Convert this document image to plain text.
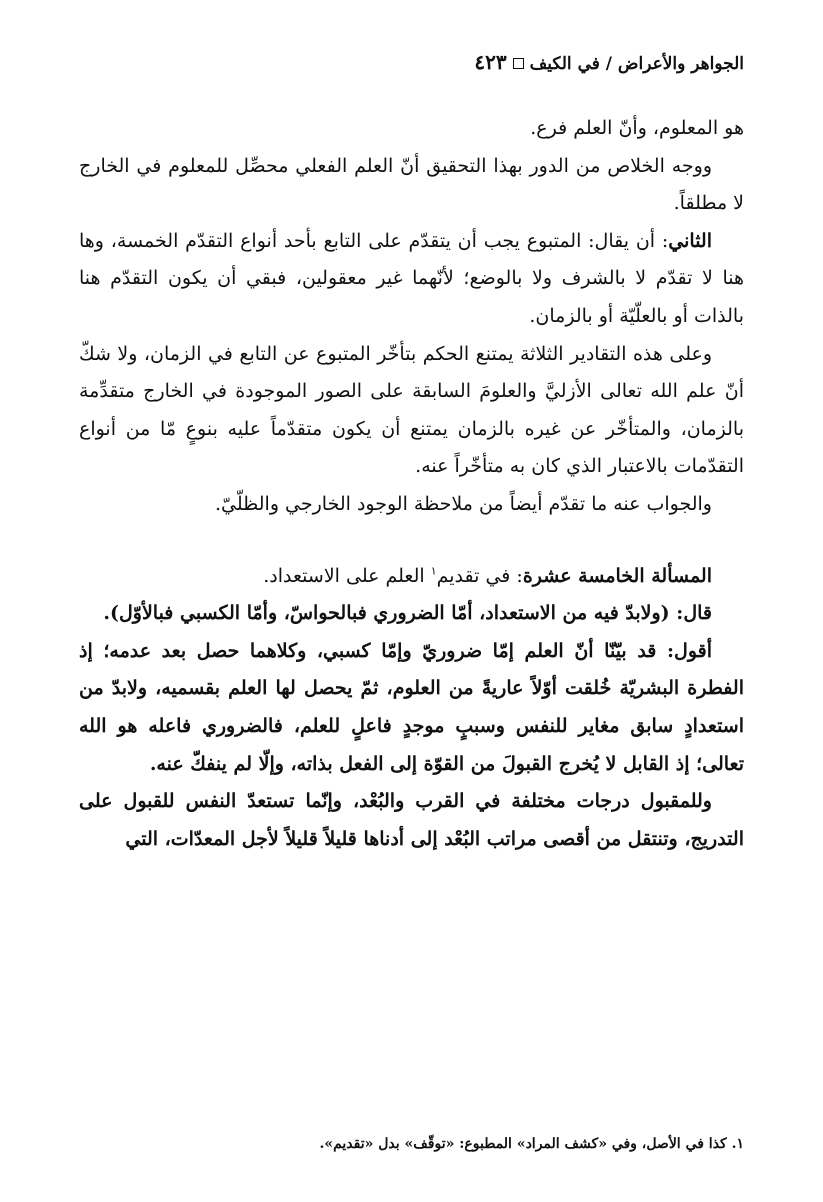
الجواهر والأعراض / في الكيف٤٢٣

هو المعلوم، وأنّ العلم فرع.

ووجه الخلاص من الدور بهذا التحقيق أنّ العلم الفعلي محصِّل للمعلوم في الخارج لا مطلقاً.

الثاني: أن يقال: المتبوع يجب أن يتقدّم على التابع بأحد أنواع التقدّم الخمسة، وها هنا لا تقدّم لا بالشرف ولا بالوضع؛ لأنّهما غير معقولين، فبقي أن يكون التقدّم هنا بالذات أو بالعلّيّة أو بالزمان.

وعلى هذه التقادير الثلاثة يمتنع الحكم بتأخّر المتبوع عن التابع في الزمان، ولا شكّ أنّ علم الله تعالى الأزليَّ والعلومَ السابقة على الصور الموجودة في الخارج متقدِّمة بالزمان، والمتأخّر عن غيره بالزمان يمتنع أن يكون متقدّماً عليه بنوعٍ مّا من أنواع التقدّمات بالاعتبار الذي كان به متأخّراً عنه.

والجواب عنه ما تقدّم أيضاً من ملاحظة الوجود الخارجي والظلّيّ.

المسألة الخامسة عشرة: في تقديم$^١$ العلم على الاستعداد.

قال: (ولابدّ فيه من الاستعداد، أمّا الضروري فبالحواسّ، وأمّا الكسبي فبالأوّل).

أقول: قد بيّنّا أنّ العلم إمّا ضروريّ وإمّا كسبي، وكلاهما حصل بعد عدمه؛ إذ الفطرة البشريّة خُلقت أوّلاً عاريةً من العلوم، ثمّ يحصل لها العلم بقسميه، ولابدّ من استعدادٍ سابق مغاير للنفس وسببٍ موجدٍ فاعلٍ للعلم، فالضروري فاعله هو الله تعالى؛ إذ القابل لا يُخرج القبولَ من القوّة إلى الفعل بذاته، وإلّا لم ينفكّ عنه.

وللمقبول درجات مختلفة في القرب والبُعْد، وإنّما تستعدّ النفس للقبول على التدريج، وتنتقل من أقصى مراتب البُعْد إلى أدناها قليلاً قليلاً لأجل المعدّات، التي

١. كذا في الأصل، وفي «كشف المراد» المطبوع: «توقّف» بدل «تقديم».
